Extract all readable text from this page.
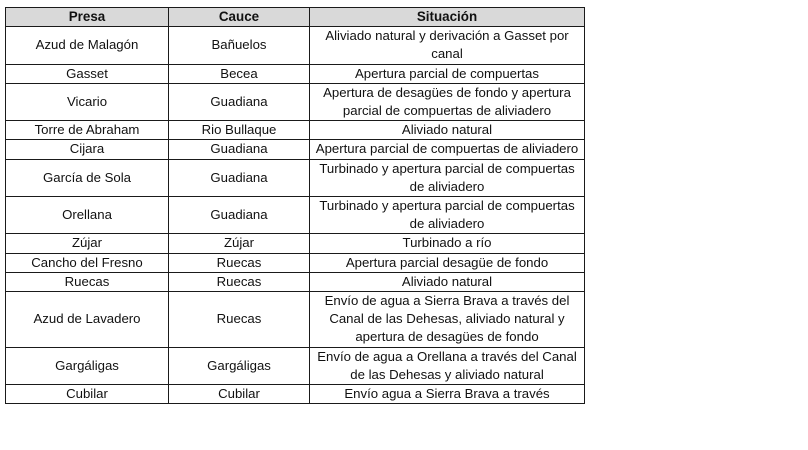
Presa	Cauce	Situación
Azud de Malagón	Bañuelos	Aliviado natural y derivación a Gasset por canal
Gasset	Becea	Apertura parcial de compuertas
Vicario	Guadiana	Apertura de desagües de fondo y apertura parcial de compuertas de aliviadero
Torre de Abraham	Rio Bullaque	Aliviado natural
Cijara	Guadiana	Apertura parcial de compuertas de aliviadero
García de Sola	Guadiana	Turbinado y apertura parcial de compuertas de aliviadero
Orellana	Guadiana	Turbinado y apertura parcial de compuertas de aliviadero
Zújar	Zújar	Turbinado a río
Cancho del Fresno	Ruecas	Apertura parcial desagüe de fondo
Ruecas	Ruecas	Aliviado natural
Azud de Lavadero	Ruecas	Envío de agua a Sierra Brava a través del Canal de las Dehesas, aliviado natural y apertura de desagües de fondo
Gargáligas	Gargáligas	Envío de agua a Orellana a través del Canal de las Dehesas y aliviado natural
Cubilar	Cubilar	Envío agua a Sierra Brava a través
